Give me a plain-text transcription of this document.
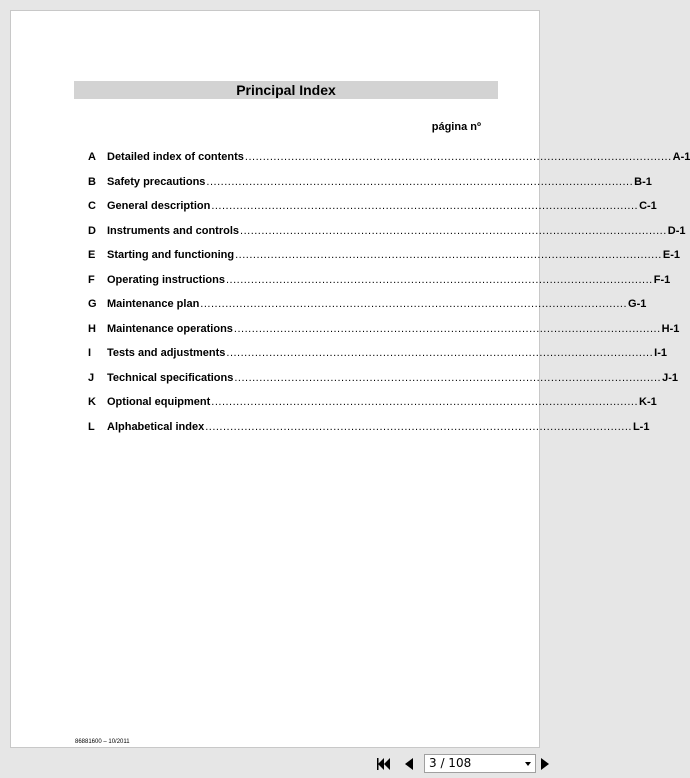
Principal Index
página nº
A	Detailed index of contents ........................................................................................................................ A-1
B	Safety precautions ........................................................................................................................ B-1
C	General description ........................................................................................................................ C-1
D	Instruments and controls ........................................................................................................................ D-1
E	Starting and functioning ........................................................................................................................ E-1
F	Operating instructions ........................................................................................................................ F-1
G Maintenance plan ........................................................................................................................ G-1
H	Maintenance operations ........................................................................................................................ H-1
I	Tests and adjustments ........................................................................................................................ I-1
J	Technical specifications ........................................................................................................................ J-1
K	Optional equipment ........................................................................................................................ K-1
L	Alphabetical index ........................................................................................................................ L-1
86881600 – 10/2011
3 / 108
